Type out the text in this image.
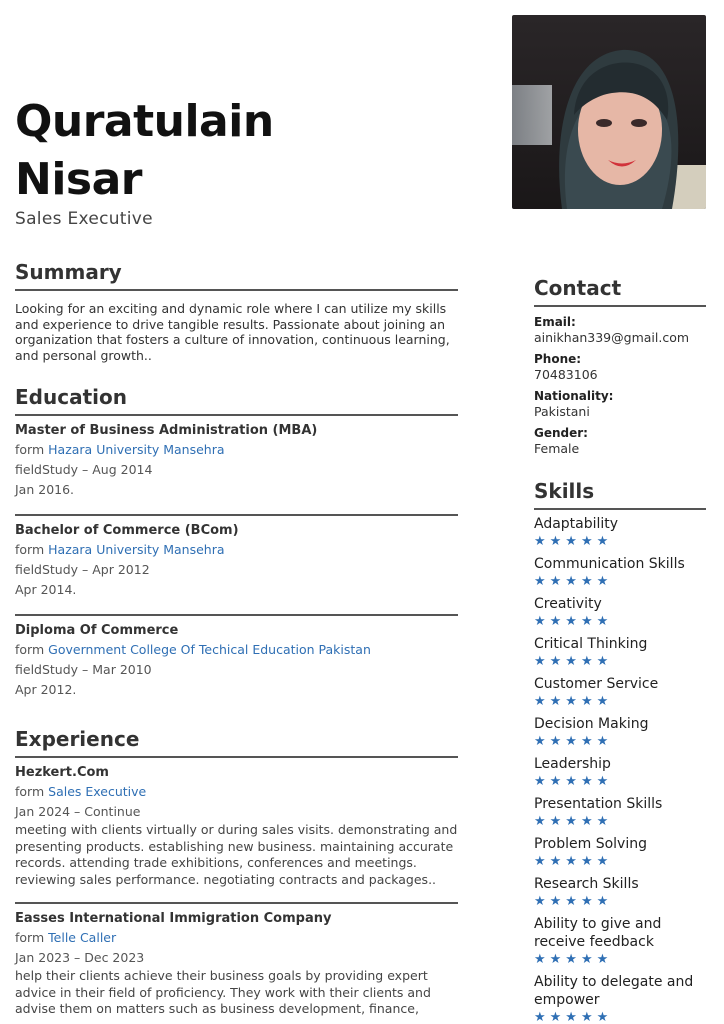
Quratulain
Nisar
Sales Executive
Summary

Looking for an exciting and dynamic role where I can utilize my skills and experience to drive tangible results. Passionate about joining an organization that fosters a culture of innovation, continuous learning, and personal growth..

Education
Master of Business Administration (MBA)
form Hazara University Mansehra
fieldStudy – Aug 2014
Jan 2016.
Bachelor of Commerce (BCom)
form Hazara University Mansehra
fieldStudy – Apr 2012
Apr 2014.
Diploma Of Commerce
form Government College Of Techical Education Pakistan
fieldStudy – Mar 2010
Apr 2012.
Experience
Hezkert.Com
form Sales Executive
Jan 2024 – Continue
meeting with clients virtually or during sales visits. demonstrating and presenting products. establishing new business. maintaining accurate records. attending trade exhibitions, conferences and meetings. reviewing sales performance. negotiating contracts and packages..
Easses International Immigration Company
form Telle Caller
Jan 2023 – Dec 2023
help their clients achieve their business goals by providing expert advice in their field of proficiency. They work with their clients and advise them on matters such as business development, finance,
Contact
Email:
ainikhan339@gmail.com
Phone:
70483106
Nationality:
Pakistani
Gender:
Female
Skills
Adaptability
★★★★★
Communication Skills
★★★★★
Creativity
★★★★★
Critical Thinking
★★★★★
Customer Service
★★★★★
Decision Making
★★★★★
Leadership
★★★★★
Presentation Skills
★★★★★
Problem Solving
★★★★★
Research Skills
★★★★★
Ability to give and receive feedback
★★★★★
Ability to delegate and empower
★★★★★
